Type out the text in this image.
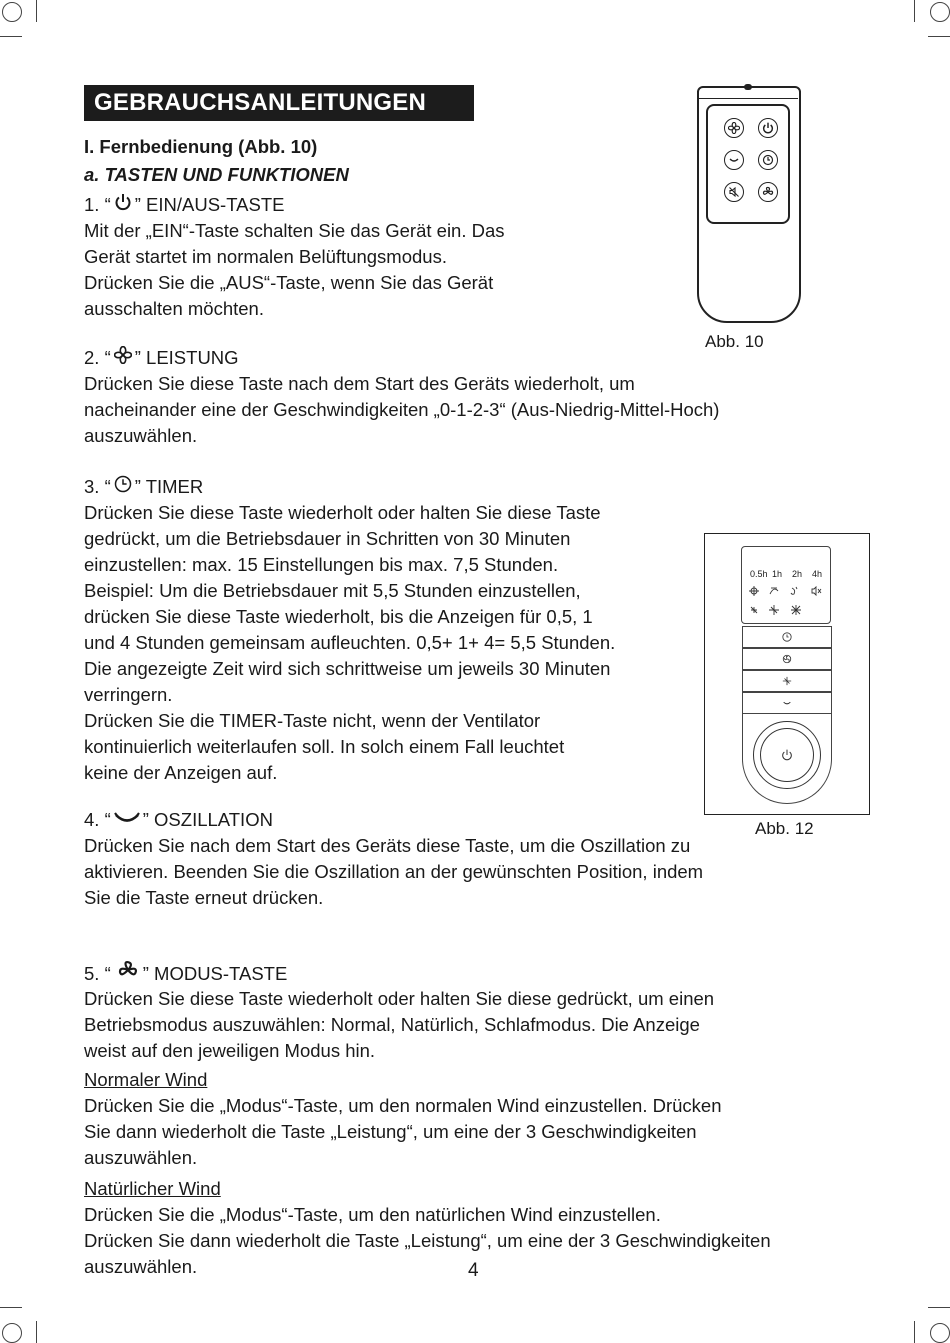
GEBRAUCHSANLEITUNGEN
I. Fernbedienung (Abb. 10)
a. TASTEN UND FUNKTIONEN
1. “ ” EIN/AUS-TASTE
Mit der „EIN“-Taste schalten Sie das Gerät ein. Das
Gerät startet im normalen Belüftungsmodus.
Drücken Sie die „AUS“-Taste, wenn Sie das Gerät
ausschalten möchten.
Abb. 10
2. “ ” LEISTUNG
Drücken Sie diese Taste nach dem Start des Geräts wiederholt, um
nacheinander eine der Geschwindigkeiten „0-1-2-3“ (Aus-Niedrig-Mittel-Hoch)
auszuwählen.
3. “ ” TIMER
Drücken Sie diese Taste wiederholt oder halten Sie diese Taste
gedrückt, um die Betriebsdauer in Schritten von 30 Minuten
einzustellen: max. 15 Einstellungen bis max. 7,5 Stunden.
Beispiel: Um die Betriebsdauer mit 5,5 Stunden einzustellen,
drücken Sie diese Taste wiederholt, bis die Anzeigen für 0,5, 1
und 4 Stunden gemeinsam aufleuchten. 0,5+ 1+ 4= 5,5 Stunden.
Die angezeigte Zeit wird sich schrittweise um jeweils 30 Minuten
verringern.
Drücken Sie die TIMER-Taste nicht, wenn der Ventilator
kontinuierlich weiterlaufen soll. In solch einem Fall leuchtet
keine der Anzeigen auf.
0.5h 1h 2h 4h
Abb. 12
4. “ ” OSZILLATION
Drücken Sie nach dem Start des Geräts diese Taste, um die Oszillation zu
aktivieren. Beenden Sie die Oszillation an der gewünschten Position, indem
Sie die Taste erneut drücken.
5. “ ” MODUS-TASTE
Drücken Sie diese Taste wiederholt oder halten Sie diese gedrückt, um einen
Betriebsmodus auszuwählen: Normal, Natürlich, Schlafmodus. Die Anzeige
weist auf den jeweiligen Modus hin.
Normaler Wind
Drücken Sie die „Modus“-Taste, um den normalen Wind einzustellen. Drücken
Sie dann wiederholt die Taste „Leistung“, um eine der 3 Geschwindigkeiten
auszuwählen.
Natürlicher Wind
Drücken Sie die „Modus“-Taste, um den natürlichen Wind einzustellen.
Drücken Sie dann wiederholt die Taste „Leistung“, um eine der 3 Geschwindigkeiten
auszuwählen.	4
